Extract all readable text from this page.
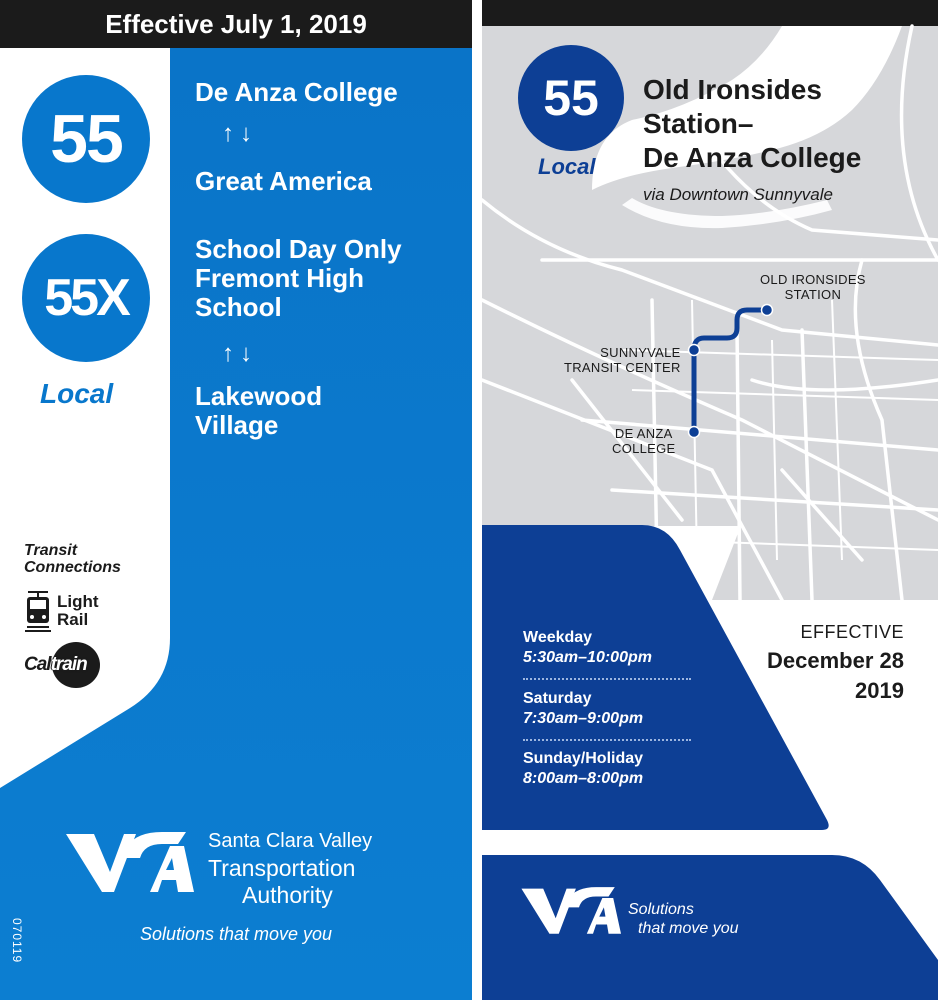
Effective July 1, 2019
55
55X
Local
De Anza College
↑↓
Great America
School Day Only
Fremont High
School
↑↓
Lakewood
Village
Transit
Connections
Light
Rail
Caltrain
Santa Clara Valley
Transportation
Authority
Solutions that move you
070119
55
Local
Old Ironsides
Station–
De Anza College
via Downtown Sunnyvale
OLD IRONSIDES
STATION
SUNNYVALE
TRANSIT CENTER
DE ANZA
COLLEGE
EFFECTIVE
December 28
2019
Weekday
5:30am–10:00pm
Saturday
7:30am–9:00pm
Sunday/Holiday
8:00am–8:00pm
Solutions
that move you
